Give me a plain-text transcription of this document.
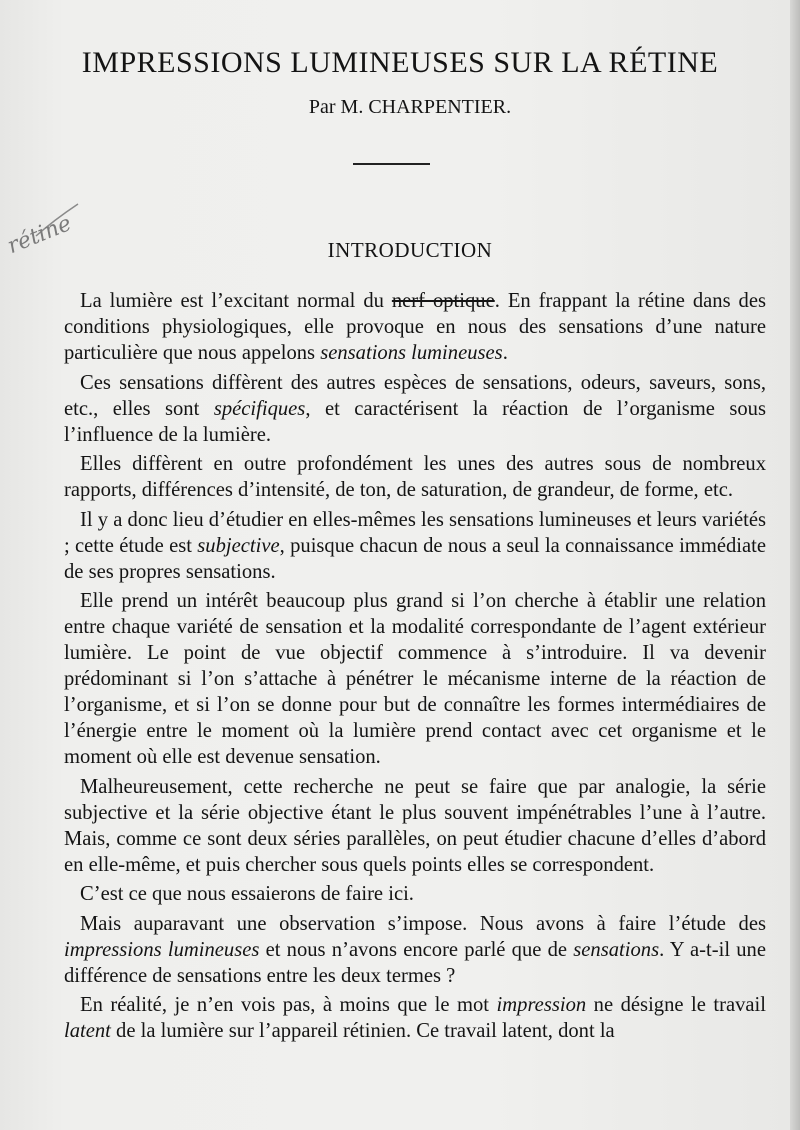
IMPRESSIONS LUMINEUSES SUR LA RÉTINE
Par M. CHARPENTIER.
rétine	INTRODUCTION

La lumière est l’excitant normal du nerf optique. En frappant la rétine dans des conditions physiologiques, elle provoque en nous des sensations d’une nature particulière que nous appelons sensations lumineuses.

Ces sensations diffèrent des autres espèces de sensations, odeurs, saveurs, sons, etc., elles sont spécifiques, et caractérisent la réaction de l’organisme sous l’influence de la lumière.

Elles diffèrent en outre profondément les unes des autres sous de nombreux rapports, différences d’intensité, de ton, de saturation, de grandeur, de forme, etc.

Il y a donc lieu d’étudier en elles-mêmes les sensations lumineuses et leurs variétés ; cette étude est subjective, puisque chacun de nous a seul la connaissance immédiate de ses propres sensations.

Elle prend un intérêt beaucoup plus grand si l’on cherche à établir une relation entre chaque variété de sensation et la modalité correspondante de l’agent extérieur lumière. Le point de vue objectif commence à s’introduire. Il va devenir prédominant si l’on s’attache à pénétrer le mécanisme interne de la réaction de l’organisme, et si l’on se donne pour but de connaître les formes intermédiaires de l’énergie entre le moment où la lumière prend contact avec cet organisme et le moment où elle est devenue sensation.

Malheureusement, cette recherche ne peut se faire que par analogie, la série subjective et la série objective étant le plus souvent impénétrables l’une à l’autre. Mais, comme ce sont deux séries parallèles, on peut étudier chacune d’elles d’abord en elle-même, et puis chercher sous quels points elles se correspondent.

C’est ce que nous essaierons de faire ici.

Mais auparavant une observation s’impose. Nous avons à faire l’étude des impressions lumineuses et nous n’avons encore parlé que de sensations. Y a-t-il une différence de sensations entre les deux termes ?

En réalité, je n’en vois pas, à moins que le mot impression ne désigne le travail latent de la lumière sur l’appareil rétinien. Ce travail latent, dont la
